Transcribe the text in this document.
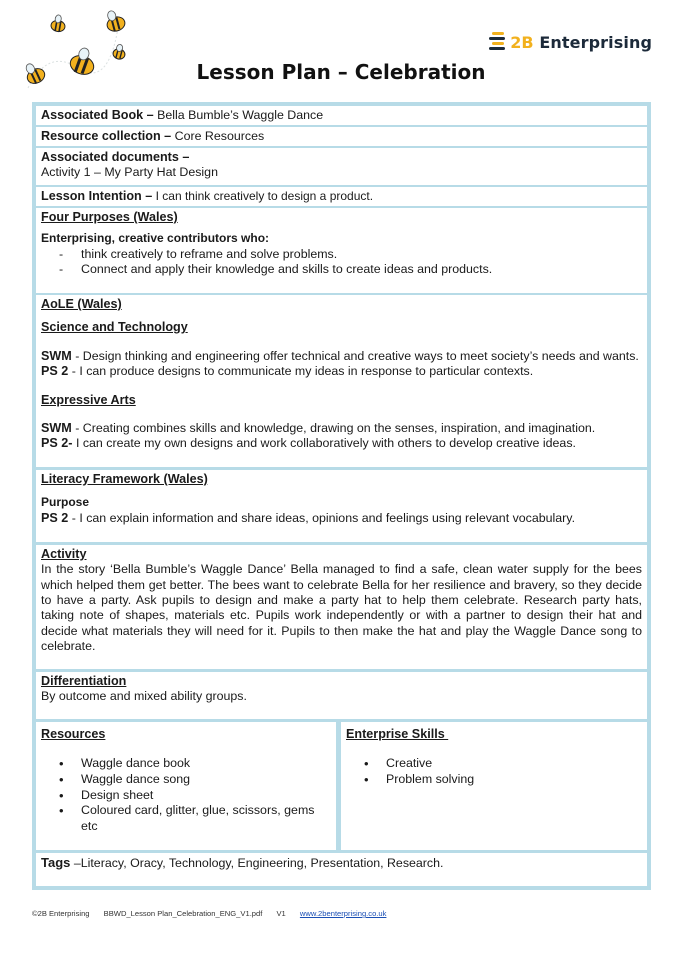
2B Enterprising
Lesson Plan – Celebration
Associated Book – Bella Bumble’s Waggle Dance
Resource collection – Core Resources
Associated documents –
Activity 1 – My Party Hat Design
Lesson Intention – I can think creatively to design a product.
Four Purposes (Wales)
Enterprising, creative contributors who:
- think creatively to reframe and solve problems.
- Connect and apply their knowledge and skills to create ideas and products.
AoLE (Wales)
Science and Technology
SWM - Design thinking and engineering offer technical and creative ways to meet society’s needs and wants.
PS 2 - I can produce designs to communicate my ideas in response to particular contexts.
Expressive Arts
SWM - Creating combines skills and knowledge, drawing on the senses, inspiration, and imagination.
PS 2- I can create my own designs and work collaboratively with others to develop creative ideas.
Literacy Framework (Wales)
Purpose
PS 2 - I can explain information and share ideas, opinions and feelings using relevant vocabulary.
Activity
In the story ‘Bella Bumble’s Waggle Dance’ Bella managed to find a safe, clean water supply for the bees which helped them get better. The bees want to celebrate Bella for her resilience and bravery, so they decide to have a party. Ask pupils to design and make a party hat to help them celebrate. Research party hats, taking note of shapes, materials etc. Pupils work independently or with a partner to design their hat and decide what materials they will need for it. Pupils to then make the hat and play the Waggle Dance song to celebrate.
Differentiation
By outcome and mixed ability groups.
Resources
• Waggle dance book
• Waggle dance song
• Design sheet
• Coloured card, glitter, glue, scissors, gems etc
Enterprise Skills
• Creative
• Problem solving
Tags –Literacy, Oracy, Technology, Engineering, Presentation, Research.
©2B Enterprising BBWD_Lesson Plan_Celebration_ENG_V1.pdf V1 www.2benterprising.co.uk
